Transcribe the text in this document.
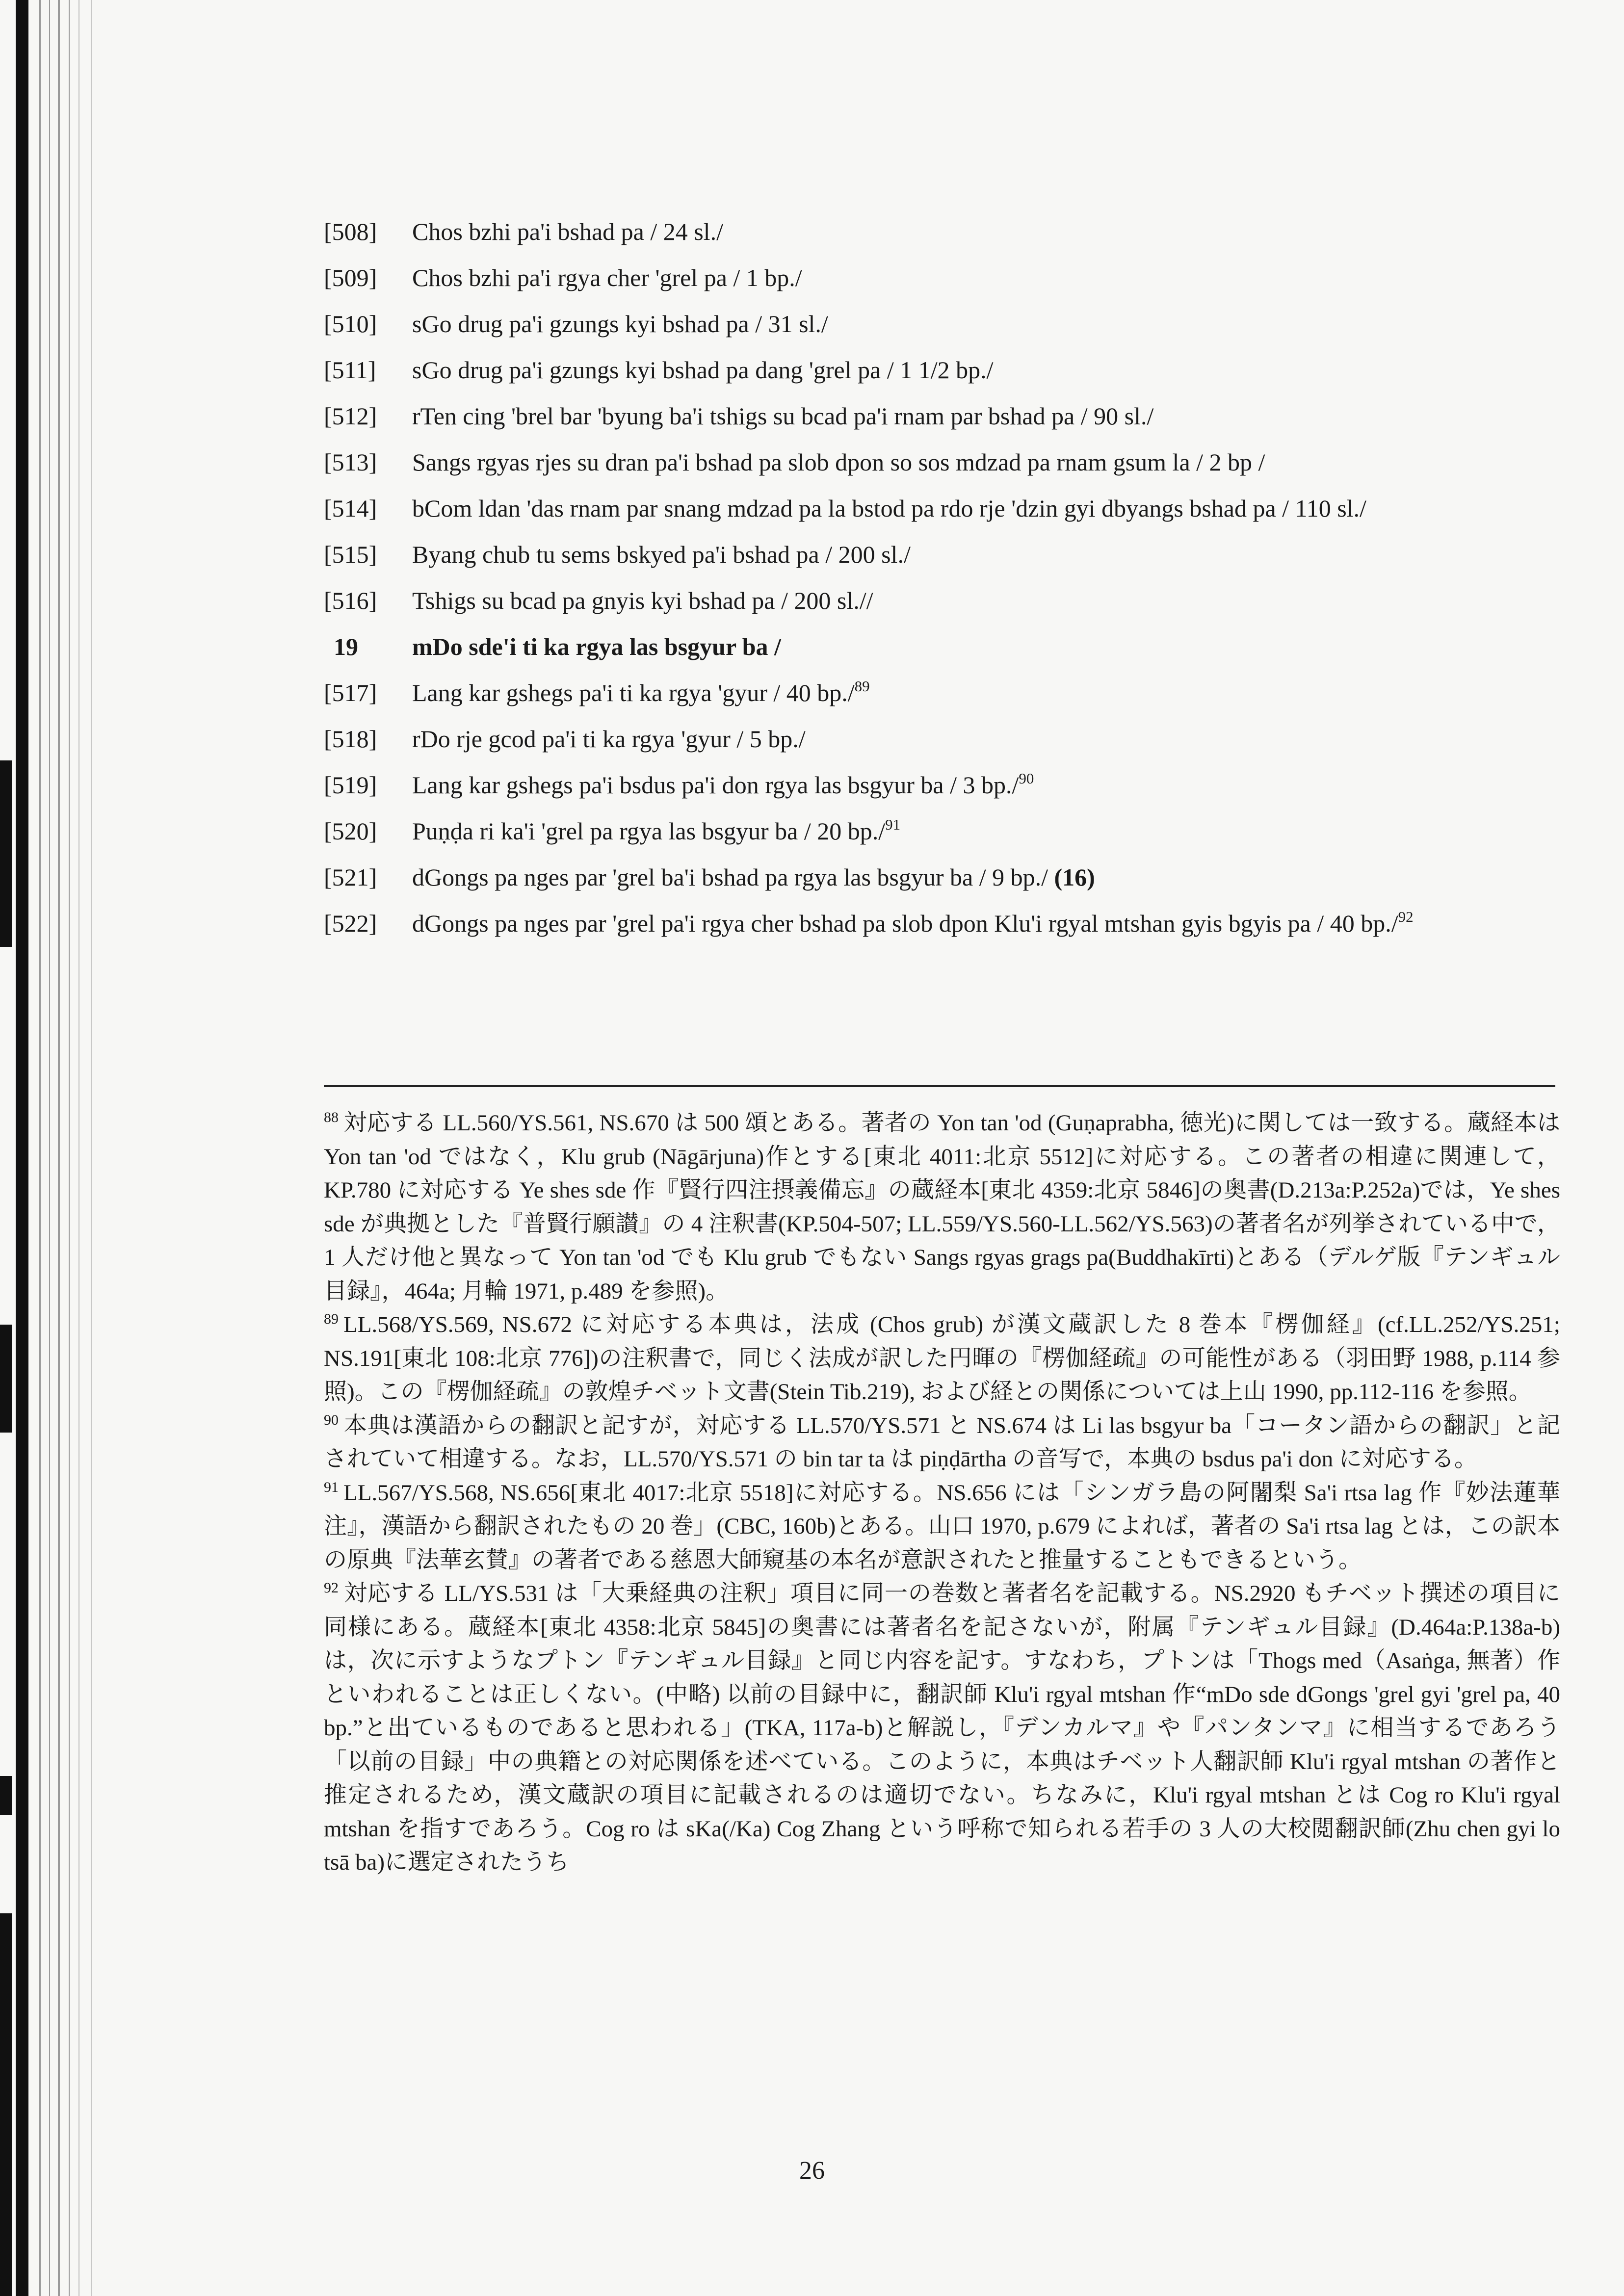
[508]	Chos bzhi pa'i bshad pa / 24 sl./
[509]	Chos bzhi pa'i rgya cher 'grel pa / 1 bp./
[510]	sGo drug pa'i gzungs kyi bshad pa / 31 sl./
[511]	sGo drug pa'i gzungs kyi bshad pa dang 'grel pa / 1 1/2 bp./
[512]	rTen cing 'brel bar 'byung ba'i tshigs su bcad pa'i rnam par bshad pa / 90 sl./
[513]	Sangs rgyas rjes su dran pa'i bshad pa slob dpon so sos mdzad pa rnam gsum la / 2 bp /
[514]	bCom ldan 'das rnam par snang mdzad pa la bstod pa rdo rje 'dzin gyi dbyangs bshad pa / 110 sl./
[515]	Byang chub tu sems bskyed pa'i bshad pa / 200 sl./
[516]	Tshigs su bcad pa gnyis kyi bshad pa / 200 sl.//
19	mDo sde'i ti ka rgya las bsgyur ba /
[517]	Lang kar gshegs pa'i ti ka rgya 'gyur / 40 bp./$^{89}$
[518]	rDo rje gcod pa'i ti ka rgya 'gyur / 5 bp./
[519]	Lang kar gshegs pa'i bsdus pa'i don rgya las bsgyur ba / 3 bp./$^{90}$
[520]	Puṇḍa ri ka'i 'grel pa rgya las bsgyur ba / 20 bp./$^{91}$
[521]	dGongs pa nges par 'grel ba'i bshad pa rgya las bsgyur ba / 9 bp./ (16)
[522]	dGongs pa nges par 'grel pa'i rgya cher bshad pa slob dpon Klu'i rgyal mtshan gyis bgyis pa / 40 bp./$^{92}$

$^{88}$ 対応する LL.560/YS.561, NS.670 は 500 頌とある。著者の Yon tan 'od (Guṇaprabha, 徳光)に関しては一致する。蔵経本は Yon tan 'od ではなく，Klu grub (Nāgārjuna)作とする[東北 4011:北京 5512]に対応する。この著者の相違に関連して，KP.780 に対応する Ye shes sde 作『賢行四注摂義備忘』の蔵経本[東北 4359:北京 5846]の奥書(D.213a:P.252a)では，Ye shes sde が典拠とした『普賢行願讃』の 4 注釈書(KP.504-507; LL.559/YS.560-LL.562/YS.563)の著者名が列挙されている中で，1 人だけ他と異なって Yon tan 'od でも Klu grub でもない Sangs rgyas grags pa(Buddhakīrti)とある（デルゲ版『テンギュル目録』，464a; 月輪 1971, p.489 を参照)。

$^{89}$ LL.568/YS.569, NS.672 に対応する本典は，法成 (Chos grub) が漢文蔵訳した 8 巻本『楞伽経』(cf.LL.252/YS.251; NS.191[東北 108:北京 776])の注釈書で，同じく法成が訳した円暉の『楞伽経疏』の可能性がある（羽田野 1988, p.114 参照)。この『楞伽経疏』の敦煌チベット文書(Stein Tib.219), および経との関係については上山 1990, pp.112-116 を参照。

$^{90}$ 本典は漢語からの翻訳と記すが，対応する LL.570/YS.571 と NS.674 は Li las bsgyur ba「コータン語からの翻訳」と記されていて相違する。なお，LL.570/YS.571 の bin tar ta は piṇḍārtha の音写で，本典の bsdus pa'i don に対応する。

$^{91}$ LL.567/YS.568, NS.656[東北 4017:北京 5518]に対応する。NS.656 には「シンガラ島の阿闍梨 Sa'i rtsa lag 作『妙法蓮華注』，漢語から翻訳されたもの 20 巻」(CBC, 160b)とある。山口 1970, p.679 によれば，著者の Sa'i rtsa lag とは，この訳本の原典『法華玄賛』の著者である慈恩大師窺基の本名が意訳されたと推量することもできるという。

$^{92}$ 対応する LL/YS.531 は「大乗経典の注釈」項目に同一の巻数と著者名を記載する。NS.2920 もチベット撰述の項目に同様にある。蔵経本[東北 4358:北京 5845]の奥書には著者名を記さないが，附属『テンギュル目録』(D.464a:P.138a-b)は，次に示すようなプトン『テンギュル目録』と同じ内容を記す。すなわち，プトンは「Thogs med（Asaṅga, 無著）作といわれることは正しくない。(中略) 以前の目録中に，翻訳師 Klu'i rgyal mtshan 作“mDo sde dGongs 'grel gyi 'grel pa, 40 bp.”と出ているものであると思われる」(TKA, 117a-b)と解説し，『デンカルマ』や『パンタンマ』に相当するであろう「以前の目録」中の典籍との対応関係を述べている。このように，本典はチベット人翻訳師 Klu'i rgyal mtshan の著作と推定されるため，漢文蔵訳の項目に記載されるのは適切でない。ちなみに，Klu'i rgyal mtshan とは Cog ro Klu'i rgyal mtshan を指すであろう。Cog ro は sKa(/Ka) Cog Zhang という呼称で知られる若手の 3 人の大校閲翻訳師(Zhu chen gyi lo tsā ba)に選定されたうち

26
